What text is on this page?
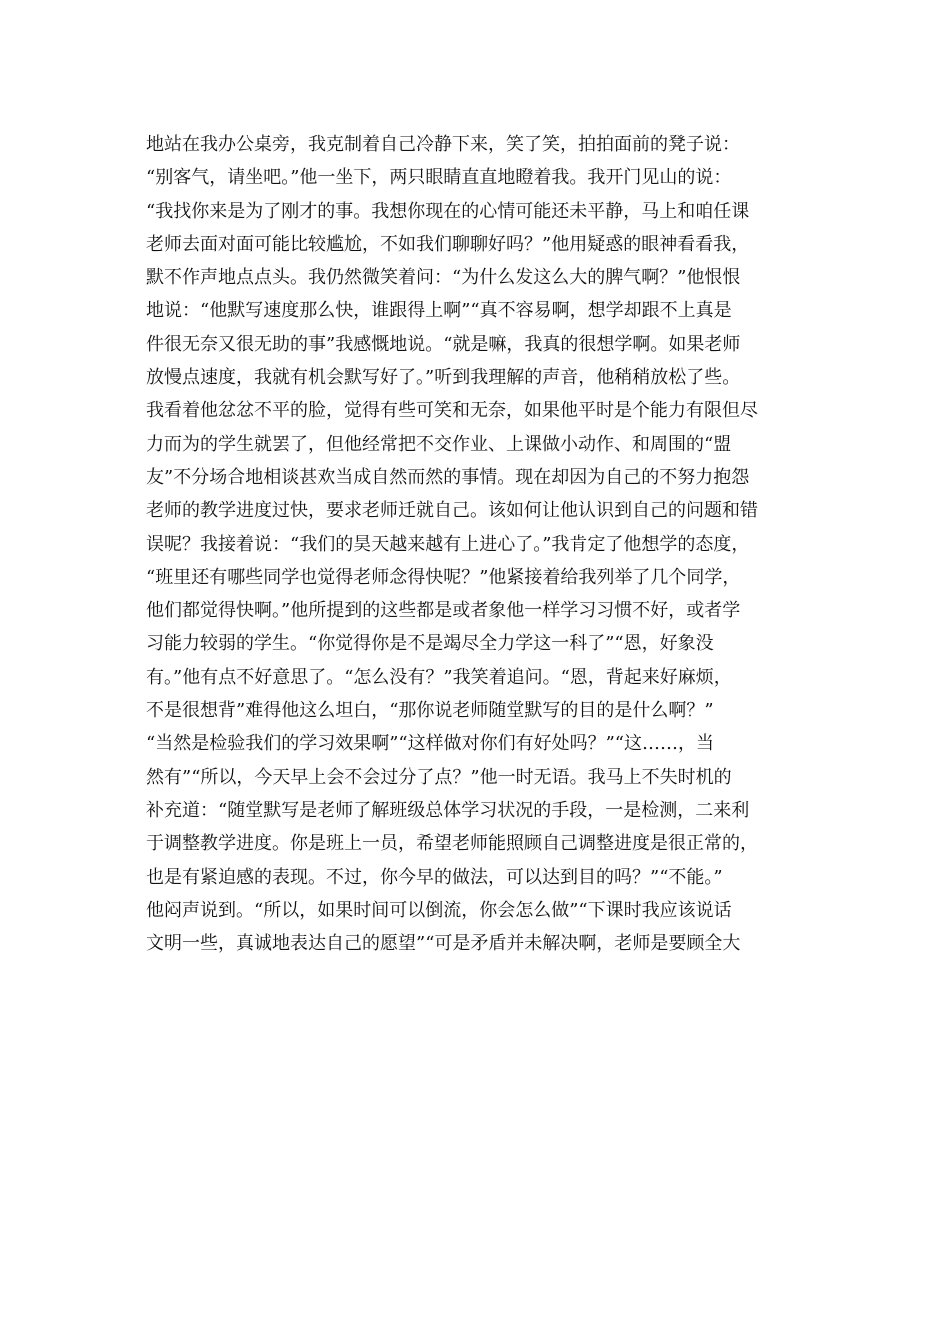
地站在我办公桌旁，我克制着自己冷静下来，笑了笑，拍拍面前的凳子说：
“别客气，请坐吧。”他一坐下，两只眼睛直直地瞪着我。我开门见山的说：
“我找你来是为了刚才的事。我想你现在的心情可能还未平静，马上和咱任课
老师去面对面可能比较尴尬，不如我们聊聊好吗？”他用疑惑的眼神看看我，
默不作声地点点头。我仍然微笑着问：“为什么发这么大的脾气啊？”他恨恨
地说：“他默写速度那么快，谁跟得上啊”“真不容易啊，想学却跟不上真是
件很无奈又很无助的事”我感慨地说。“就是嘛，我真的很想学啊。如果老师
放慢点速度，我就有机会默写好了。”听到我理解的声音，他稍稍放松了些。
我看着他忿忿不平的脸，觉得有些可笑和无奈，如果他平时是个能力有限但尽
力而为的学生就罢了，但他经常把不交作业、上课做小动作、和周围的“盟
友”不分场合地相谈甚欢当成自然而然的事情。现在却因为自己的不努力抱怨
老师的教学进度过快，要求老师迁就自己。该如何让他认识到自己的问题和错
误呢？我接着说：“我们的昊天越来越有上进心了。”我肯定了他想学的态度，
“班里还有哪些同学也觉得老师念得快呢？”他紧接着给我列举了几个同学，
他们都觉得快啊。”他所提到的这些都是或者象他一样学习习惯不好，或者学
习能力较弱的学生。“你觉得你是不是竭尽全力学这一科了”“恩，好象没
有。”他有点不好意思了。“怎么没有？”我笑着追问。“恩，背起来好麻烦，
不是很想背”难得他这么坦白，“那你说老师随堂默写的目的是什么啊？”
“当然是检验我们的学习效果啊”“这样做对你们有好处吗？”“这……，当
然有”“所以，今天早上会不会过分了点？”他一时无语。我马上不失时机的
补充道：“随堂默写是老师了解班级总体学习状况的手段，一是检测，二来利
于调整教学进度。你是班上一员，希望老师能照顾自己调整进度是很正常的，
也是有紧迫感的表现。不过，你今早的做法，可以达到目的吗？”“不能。”
他闷声说到。“所以，如果时间可以倒流，你会怎么做”“下课时我应该说话
文明一些，真诚地表达自己的愿望”“可是矛盾并未解决啊，老师是要顾全大
